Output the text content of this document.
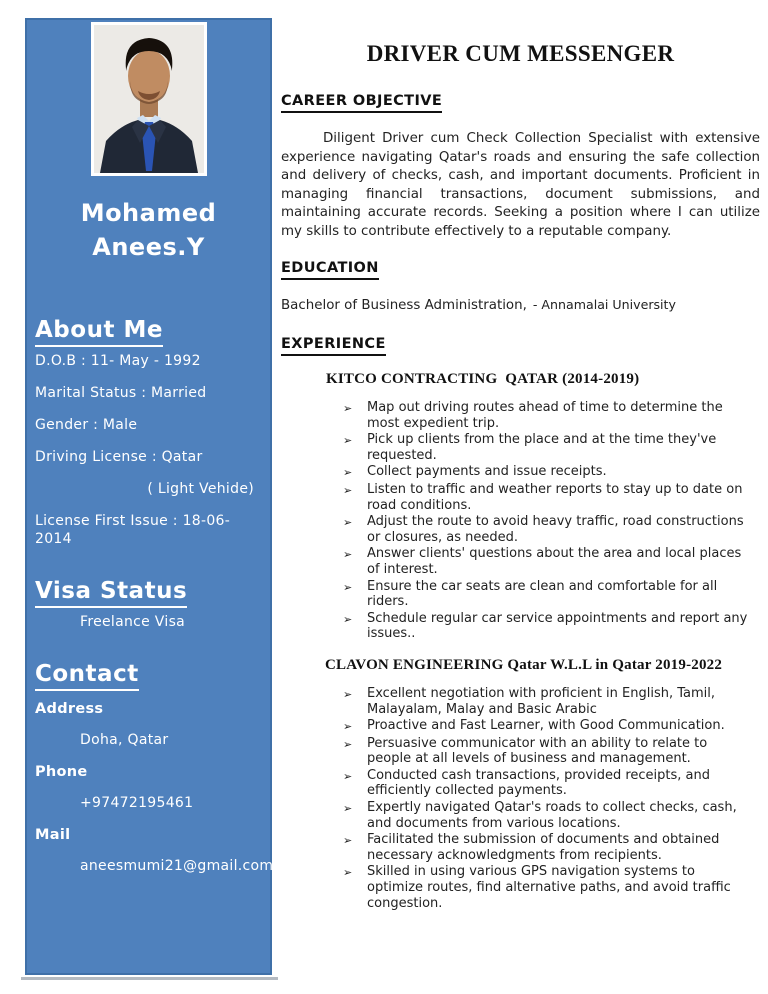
Mohamed
Anees.Y
About Me
D.O.B : 11- May - 1992
Marital Status : Married
Gender : Male
Driving License : Qatar
( Light Vehide)
License First Issue : 18-06-2014
Visa Status
Freelance Visa
Contact
Address
Doha, Qatar
Phone
+97472195461
Mail
aneesmumi21@gmail.com
DRIVER CUM MESSENGER
CAREER OBJECTIVE

Diligent Driver cum Check Collection Specialist with extensive experience navigating Qatar's roads and ensuring the safe collection and delivery of checks, cash, and important documents. Proficient in managing financial transactions, document submissions, and maintaining accurate records. Seeking a position where I can utilize my skills to contribute effectively to a reputable company.

EDUCATION

Bachelor of Business Administration, - Annamalai University

EXPERIENCE
KITCO CONTRACTING  QATAR (2014-2019)
➢	Map out driving routes ahead of time to determine the most expedient trip.
➢	Pick up clients from the place and at the time they've requested.
➢	Collect payments and issue receipts.
➢	Listen to traffic and weather reports to stay up to date on road conditions.
➢	Adjust the route to avoid heavy traffic, road constructions or closures, as needed.
➢	Answer clients' questions about the area and local places of interest.
➢	Ensure the car seats are clean and comfortable for all riders.
➢	Schedule regular car service appointments and report any issues..
CLAVON ENGINEERING Qatar W.L.L in Qatar 2019-2022
➢	Excellent negotiation with proficient in English, Tamil, Malayalam, Malay and Basic Arabic
➢	Proactive and Fast Learner, with Good Communication.
➢	Persuasive communicator with an ability to relate to people at all levels of business and management.
➢	Conducted cash transactions, provided receipts, and efficiently collected payments.
➢	Expertly navigated Qatar's roads to collect checks, cash, and documents from various locations.
➢	Facilitated the submission of documents and obtained necessary acknowledgments from recipients.
➢	Skilled in using various GPS navigation systems to optimize routes, find alternative paths, and avoid traffic congestion.
